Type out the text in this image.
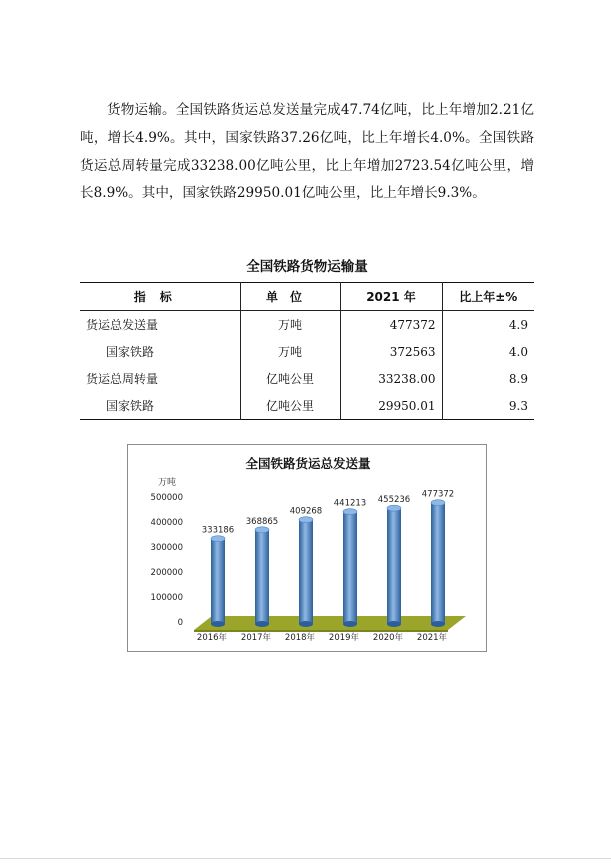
货物运输。全国铁路货运总发送量完成47.74亿吨，比上年增加2.21亿吨，增长4.9%。其中，国家铁路37.26亿吨，比上年增长4.0%。全国铁路货运总周转量完成33238.00亿吨公里，比上年增加2723.54亿吨公里，增长8.9%。其中，国家铁路29950.01亿吨公里，比上年增长9.3%。

全国铁路货物运输量
指标	单位	2021 年	比上年±%
货运总发送量	万吨	477372	4.9
国家铁路	万吨	372563	4.0
货运总周转量	亿吨公里	33238.00	8.9
国家铁路	亿吨公里	29950.01	9.3
全国铁路货运总发送量
万吨
0
100000
200000
300000
400000
500000
333186
368865
409268
441213 455236
477372
2016年 2017年 2018年 2019年 2020年 2021年
